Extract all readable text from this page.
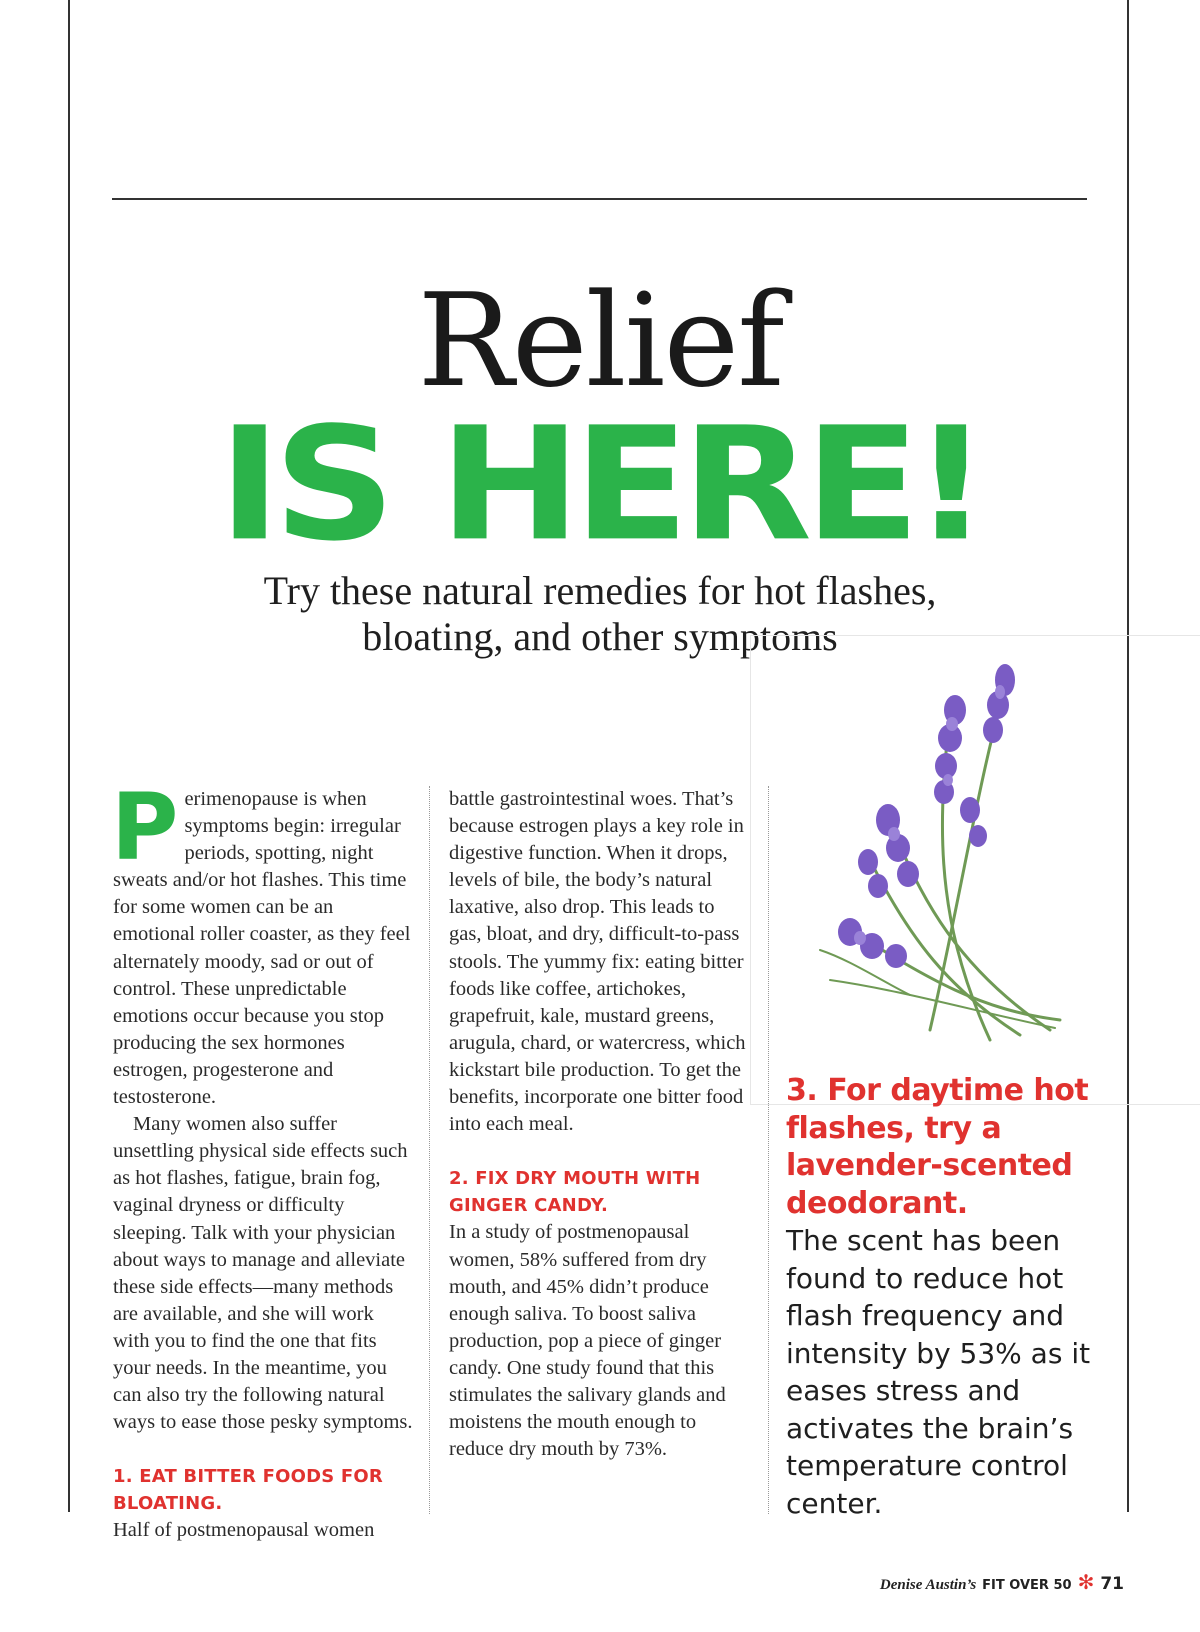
Relief
IS HERE!
Try these natural remedies for hot flashes,
bloating, and other symptoms

Perimenopause is when symptoms begin: irregular periods, spotting, night sweats and/or hot flashes. This time for some women can be an emotional roller coaster, as they feel alternately moody, sad or out of control. These unpredictable emotions occur because you stop producing the sex hormones estrogen, progesterone and testosterone.

Many women also suffer unsettling physical side effects such as hot flashes, fatigue, brain fog, vaginal dryness or difficulty sleeping. Talk with your physician about ways to manage and alleviate these side effects—many methods are available, and she will work with you to find the one that fits your needs. In the meantime, you can also try the following natural ways to ease those pesky symptoms.

1. EAT BITTER FOODS FOR BLOATING.

Half of postmenopausal women

battle gastrointestinal woes. That’s because estrogen plays a key role in digestive function. When it drops, levels of bile, the body’s natural laxative, also drop. This leads to gas, bloat, and dry, difficult-to-pass stools. The yummy fix: eating bitter foods like coffee, artichokes, grapefruit, kale, mustard greens, arugula, chard, or watercress, which kickstart bile production. To get the benefits, incorporate one bitter food into each meal.

2. FIX DRY MOUTH WITH GINGER CANDY.

In a study of postmenopausal women, 58% suffered from dry mouth, and 45% didn’t produce enough saliva. To boost saliva production, pop a piece of ginger candy. One study found that this stimulates the salivary glands and moistens the mouth enough to reduce dry mouth by 73%.

3. For daytime hot flashes, try a lavender-scented deodorant.
The scent has been found to reduce hot flash frequency and intensity by 53% as it eases stress and activates the brain’s temperature control center.
Denise Austin’s FIT OVER 50 ✻ 71
